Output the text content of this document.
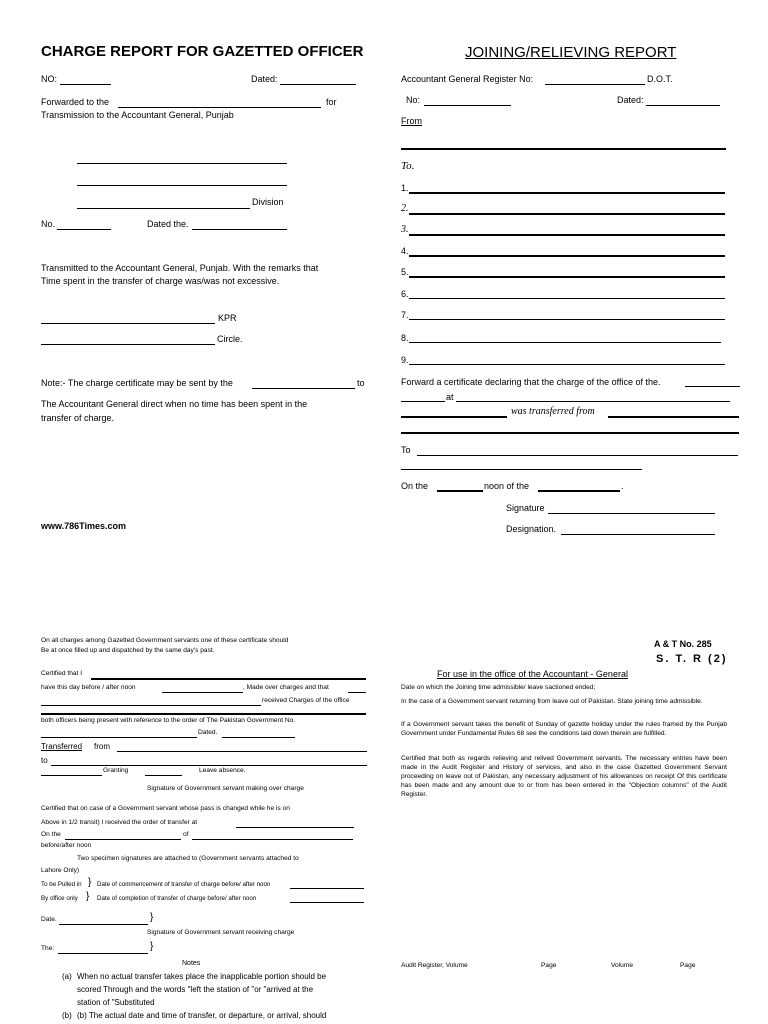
CHARGE REPORT FOR GAZETTED OFFICER
NO:	Dated:
Forwarded to the	for
Transmission to the Accountant General, Punjab
Division
No.	Dated the.
Transmitted to the Accountant General, Punjab. With the remarks that
Time spent in the transfer of charge was/was not excessive.
KPR
Circle.
Note:- The charge certificate may be sent by the	to
The Accountant General direct when no time has been spent in the
transfer of charge.
www.786Times.com
JOINING/RELIEVING REPORT
Accountant General Register No:	D.O.T.
No:	Dated:
From
To.
1.
2.
3.
4.
5.
6.
7.
8.
9.
Forward a certificate declaring that the charge of the office of the.
at
was transferred from
To
On the	noon of the	.
Signature
Designation.
On all charges among Gazetted Government servants one of these certificate should
Be at once filled up and dispatched by the same day's past.
Certified that I
have this day before / after noon	, Made over charges and that
received Charges of the office
both officers being present with reference to the order of The Pakistan Government No.
Dated.
Transferred from
to
Granting	Leave absence.
Signature of Government servant making over charge
Certified that on case of a Government servant whose pass is changed while he is on
Above in 1/2 transit) I received the order of transfer at
On the	of
before/after noon
Two specimen signatures are attached to (Government servants attached to
Lahore Only)
To be Pulled in } Date of commencement of transfer of charge before/ after noon
By office only } Date of completion of transfer of charge before/ after noon
Date.	}
Signature of Government servant receiving charge
The:	}
Notes
(a) When no actual transfer takes place the inapplicable portion should be
scored Through and the words "left the station of "or "arrived at the
station of "Substituted
(b) (b) The actual date and time of transfer, or departure, or arrival, should
A & T No. 285
S. T. R (2)
For use in the office of the Accountant - General
Date on which the Joining time admissible/ leave sactioned ended;
In the case of a Government servant returning from leave out of Pakistan. State joining time admissible.
If a Government servant takes the benefit of Sunday of gazette holiday under the rules framed by the Punjab Government under Fundamental Rules 68 see the conditions laid down therein are fulfilled.
Certified that both as regards relieving and relived Government servants. The necessary entries have been made in the Audit Register and History of services, and also in the case Gazetted Government Servant proceeding on leave out of Pakistan, any necessary adjustment of his allowances on receipt Of this certificate has been made and any amount due to or from has been entered in the "Objection columns" of the Audit Register.
Audit Register, Volume	Page	Volume	Page
